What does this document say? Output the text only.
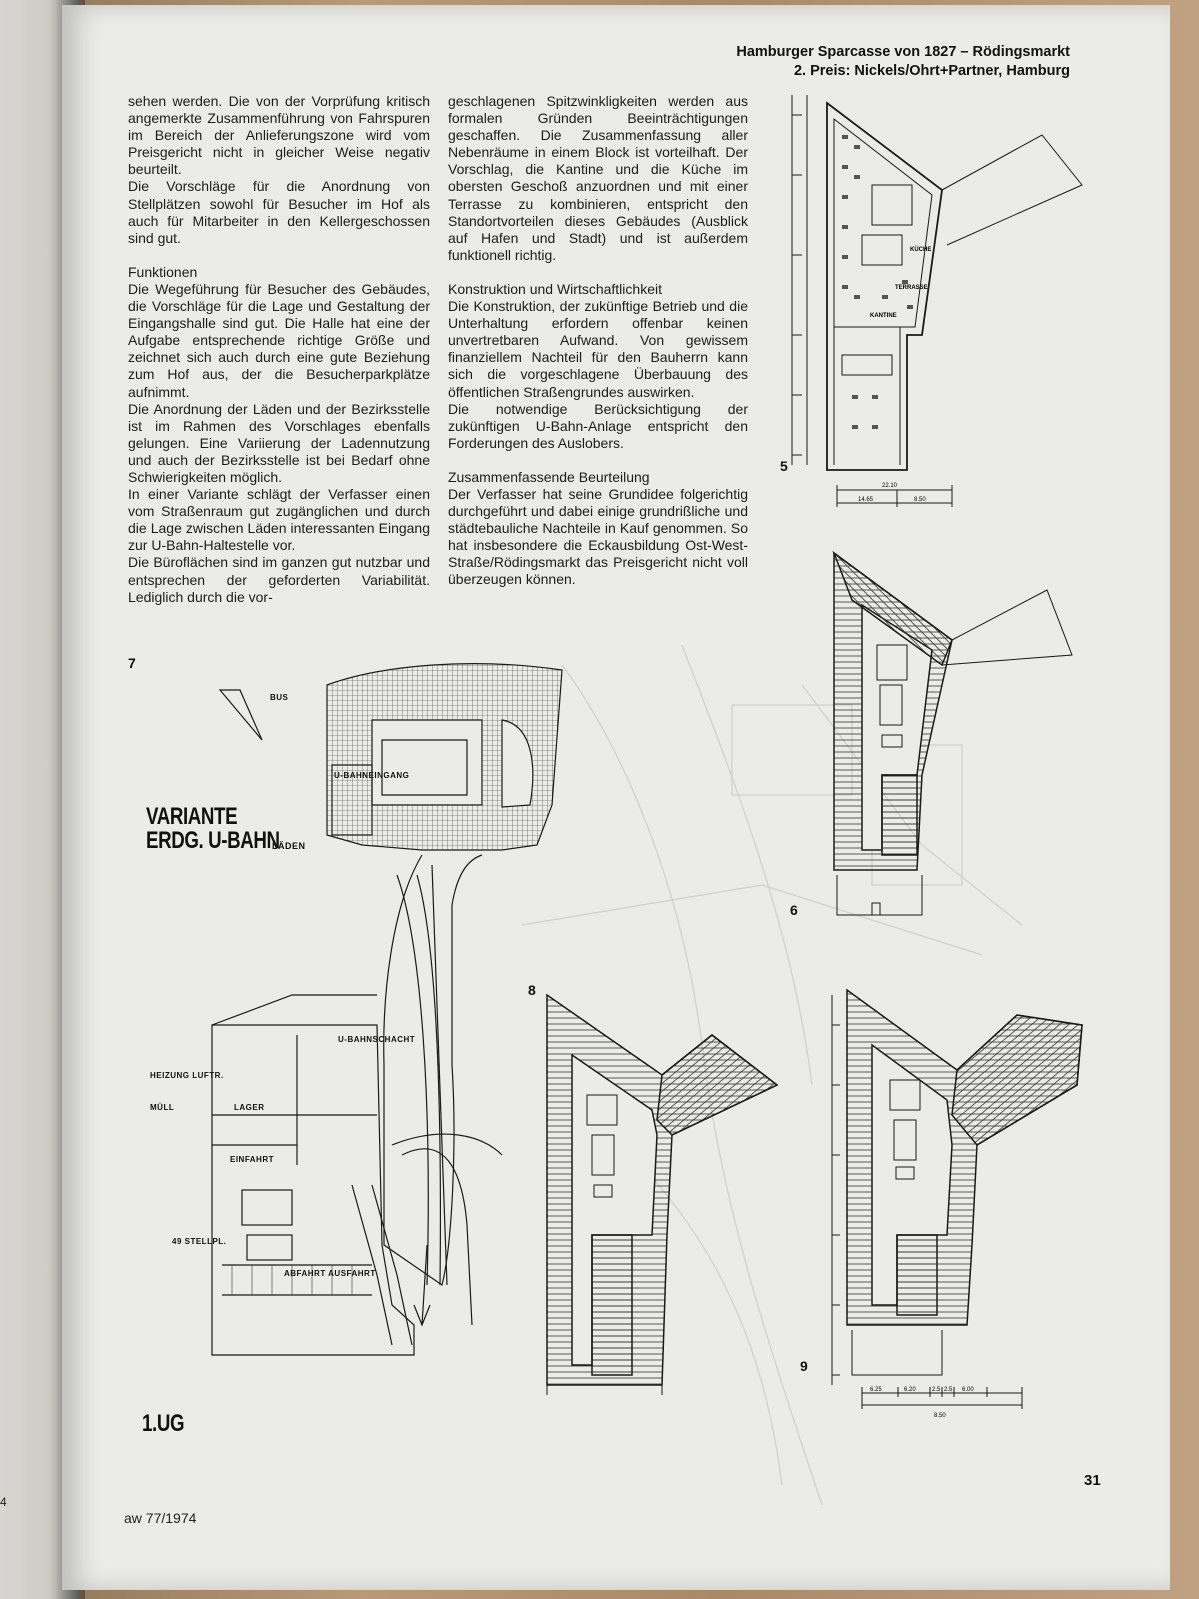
4
Hamburger Sparcasse von 1827 – Rödingsmarkt
2. Preis: Nickels/Ohrt+Partner, Hamburg

sehen werden. Die von der Vorprüfung kritisch angemerkte Zusammenführung von Fahrspuren im Bereich der Anlieferungszone wird vom Preisgericht nicht in gleicher Weise negativ beurteilt.

Die Vorschläge für die Anordnung von Stellplätzen sowohl für Besucher im Hof als auch für Mitarbeiter in den Kellergeschossen sind gut.

Funktionen

Die Wegeführung für Besucher des Gebäudes, die Vorschläge für die Lage und Gestaltung der Eingangshalle sind gut. Die Halle hat eine der Aufgabe entsprechende richtige Größe und zeichnet sich auch durch eine gute Beziehung zum Hof aus, der die Besucherparkplätze aufnimmt.

Die Anordnung der Läden und der Bezirksstelle ist im Rahmen des Vorschlages ebenfalls gelungen. Eine Variierung der Ladennutzung und auch der Bezirksstelle ist bei Bedarf ohne Schwierigkeiten möglich.

In einer Variante schlägt der Verfasser einen vom Straßenraum gut zugänglichen und durch die Lage zwischen Läden interessanten Eingang zur U-Bahn-Haltestelle vor.

Die Büroflächen sind im ganzen gut nutzbar und entsprechen der geforderten Variabilität. Lediglich durch die vor-

geschlagenen Spitzwinkligkeiten werden aus formalen Gründen Beeinträchtigungen geschaffen. Die Zusammenfassung aller Nebenräume in einem Block ist vorteilhaft. Der Vorschlag, die Kantine und die Küche im obersten Geschoß anzuordnen und mit einer Terrasse zu kombinieren, entspricht den Standortvorteilen dieses Gebäudes (Ausblick auf Hafen und Stadt) und ist außerdem funktionell richtig.

Konstruktion und Wirtschaftlichkeit

Die Konstruktion, der zukünftige Betrieb und die Unterhaltung erfordern offenbar keinen unvertretbaren Aufwand. Von gewissem finanziellem Nachteil für den Bauherrn kann sich die vorgeschlagene Überbauung des öffentlichen Straßengrundes auswirken.

Die notwendige Berücksichtigung der zukünftigen U-Bahn-Anlage entspricht den Forderungen des Auslobers.

Zusammenfassende Beurteilung

Der Verfasser hat seine Grundidee folgerichtig durchgeführt und dabei einige grundrißliche und städtebauliche Nachteile in Kauf genommen. So hat insbesondere die Eckausbildung Ost-West-Straße/Rödingsmarkt das Preisgericht nicht voll überzeugen können.

5
KÜCHE
TERRASSE
KANTINE
22.10
14.65	8.50
6
7
VARIANTE
ERDG. U-BAHN
LÄDEN
BUS
U-BAHNEINGANG
U-BAHNSCHACHT
HEIZUNG LUFTR.
MÜLL	LAGER
EINFAHRT
49 STELLPL.
ABFAHRT AUSFAHRT
1.UG
8
9
6.25	6.20	2.5 2.5 6.00
8.50
31
aw 77/1974
